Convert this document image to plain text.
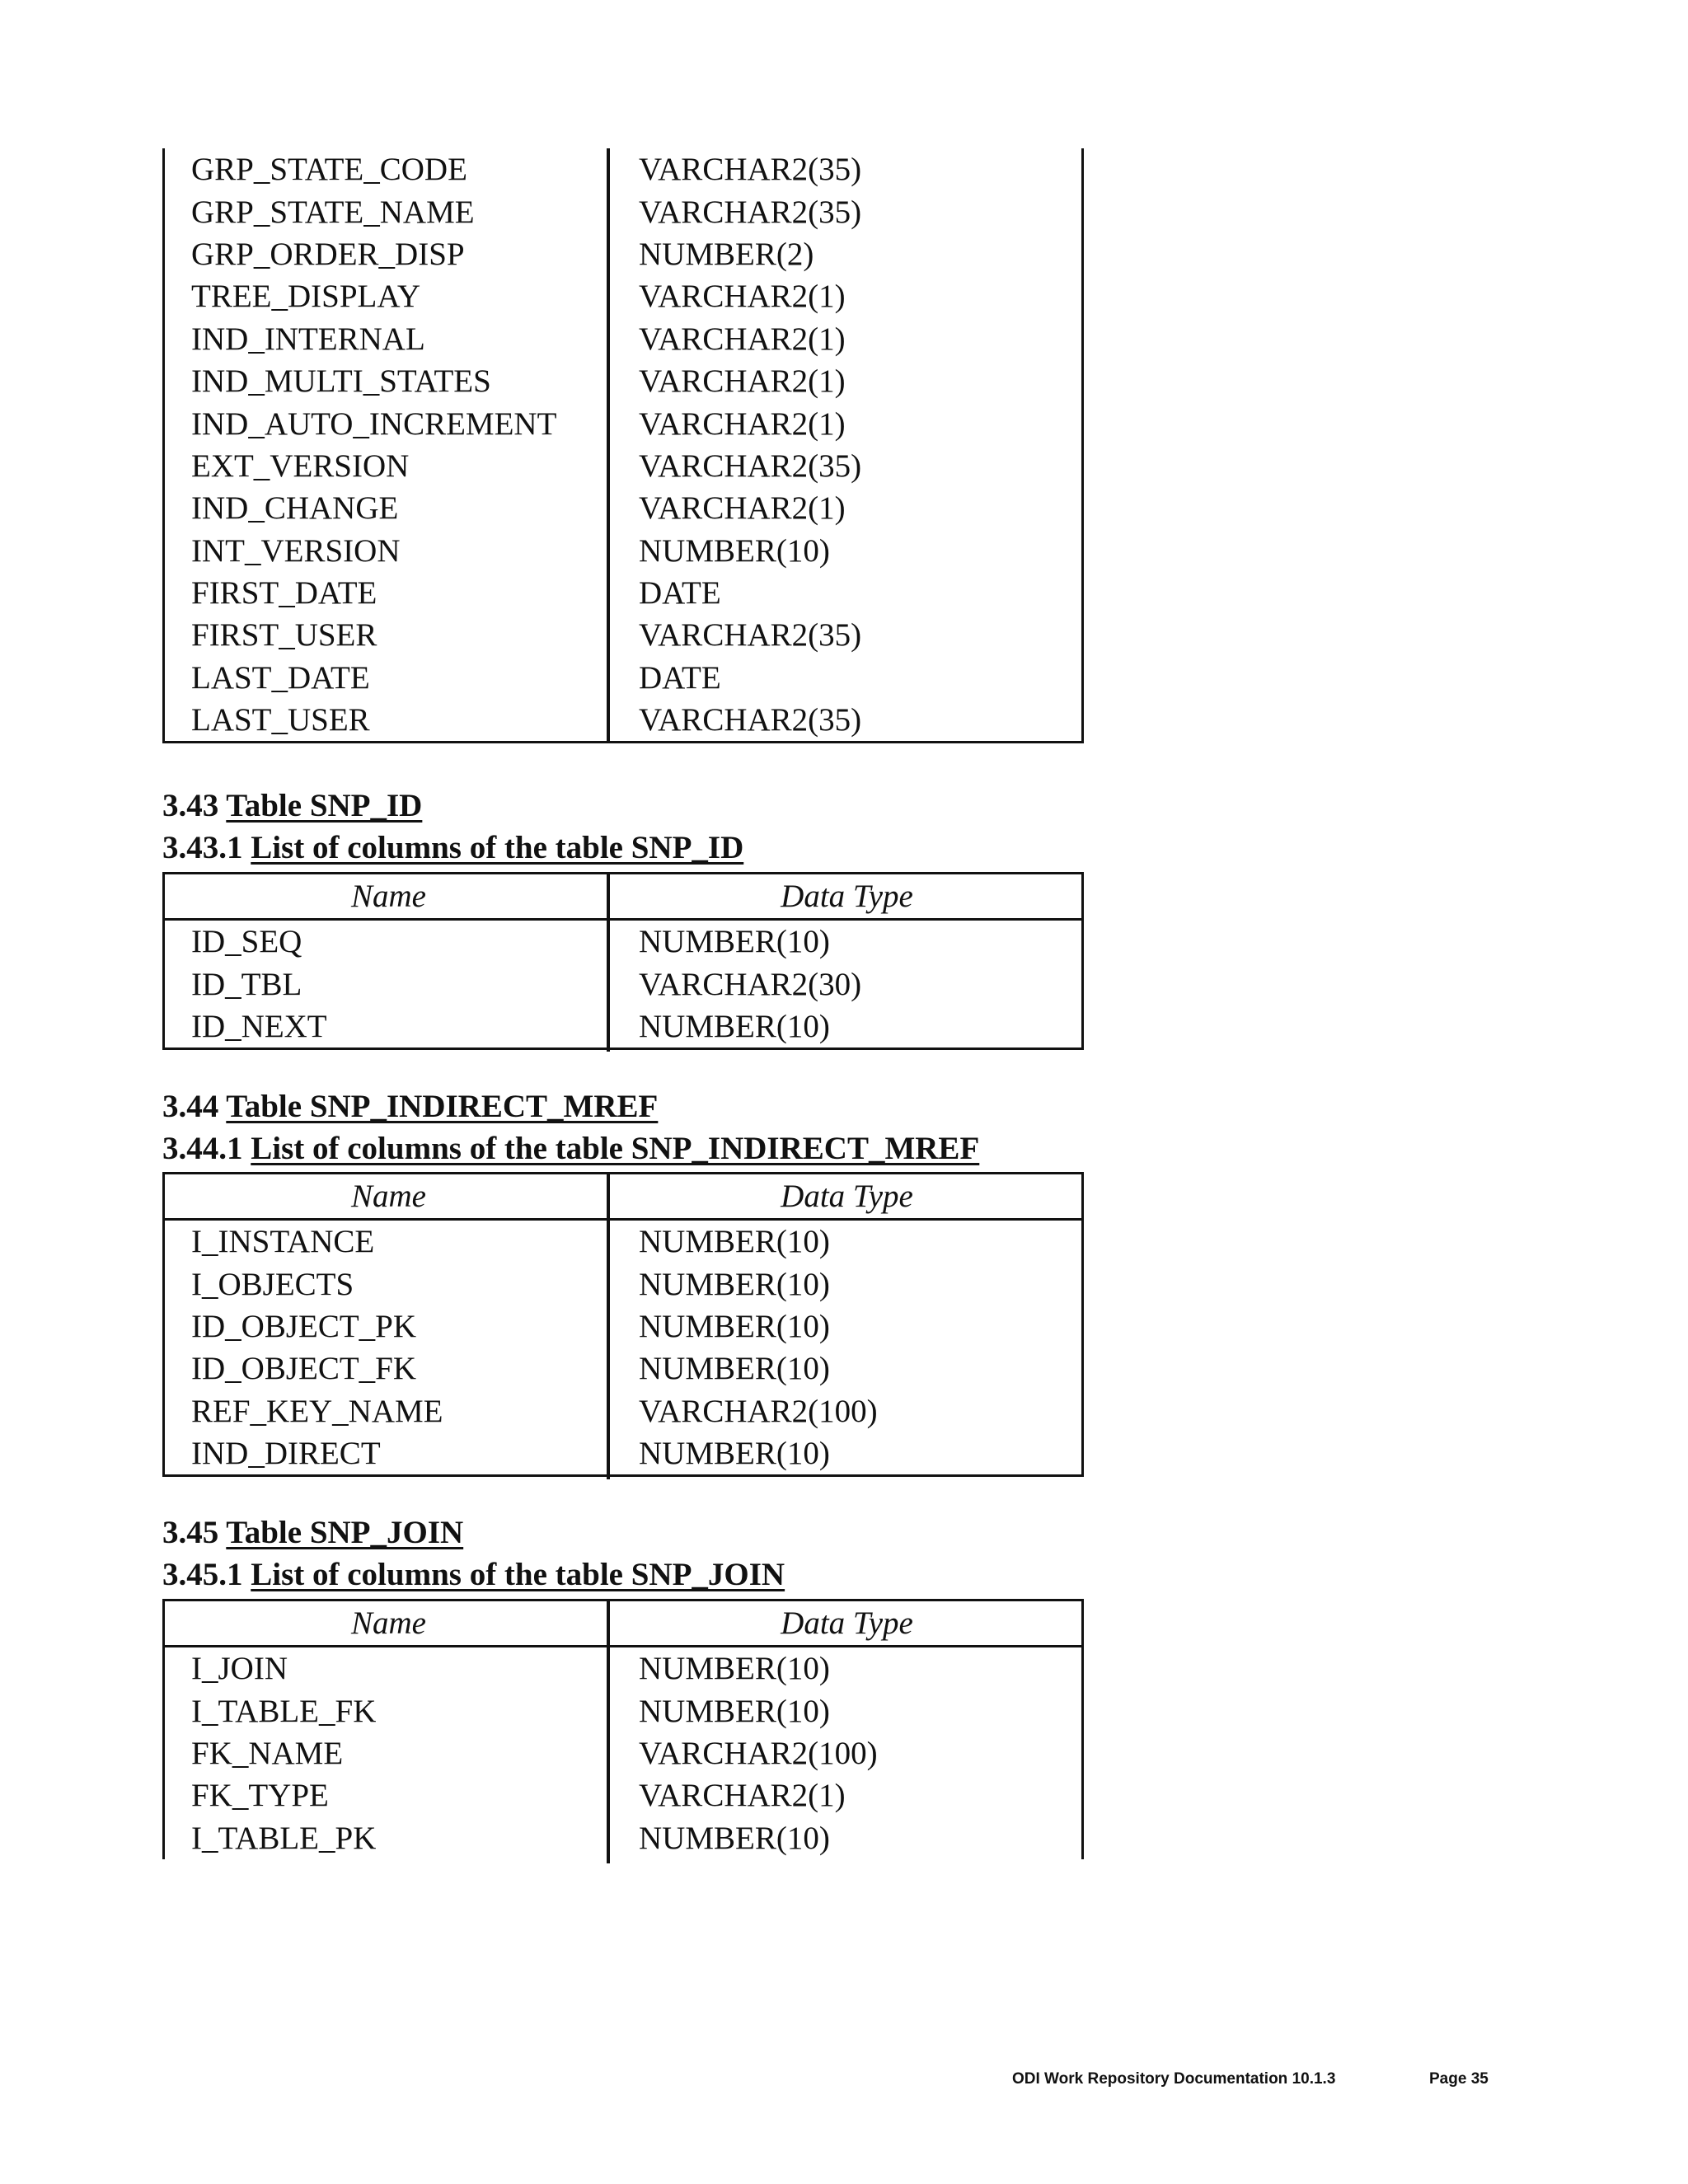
GRP_STATE_CODE	VARCHAR2(35)
GRP_STATE_NAME	VARCHAR2(35)
GRP_ORDER_DISP	NUMBER(2)
TREE_DISPLAY	VARCHAR2(1)
IND_INTERNAL	VARCHAR2(1)
IND_MULTI_STATES	VARCHAR2(1)
IND_AUTO_INCREMENT	VARCHAR2(1)
EXT_VERSION	VARCHAR2(35)
IND_CHANGE	VARCHAR2(1)
INT_VERSION	NUMBER(10)
FIRST_DATE	DATE
FIRST_USER	VARCHAR2(35)
LAST_DATE	DATE
LAST_USER	VARCHAR2(35)
3.43 Table SNP_ID
3.43.1 List of columns of the table SNP_ID
Name	Data Type
ID_SEQ	NUMBER(10)
ID_TBL	VARCHAR2(30)
ID_NEXT	NUMBER(10)
3.44 Table SNP_INDIRECT_MREF
3.44.1 List of columns of the table SNP_INDIRECT_MREF
Name	Data Type
I_INSTANCE	NUMBER(10)
I_OBJECTS	NUMBER(10)
ID_OBJECT_PK	NUMBER(10)
ID_OBJECT_FK	NUMBER(10)
REF_KEY_NAME	VARCHAR2(100)
IND_DIRECT	NUMBER(10)
3.45 Table SNP_JOIN
3.45.1 List of columns of the table SNP_JOIN
Name	Data Type
I_JOIN	NUMBER(10)
I_TABLE_FK	NUMBER(10)
FK_NAME	VARCHAR2(100)
FK_TYPE	VARCHAR2(1)
I_TABLE_PK	NUMBER(10)
ODI Work Repository Documentation 10.1.3	Page 35
